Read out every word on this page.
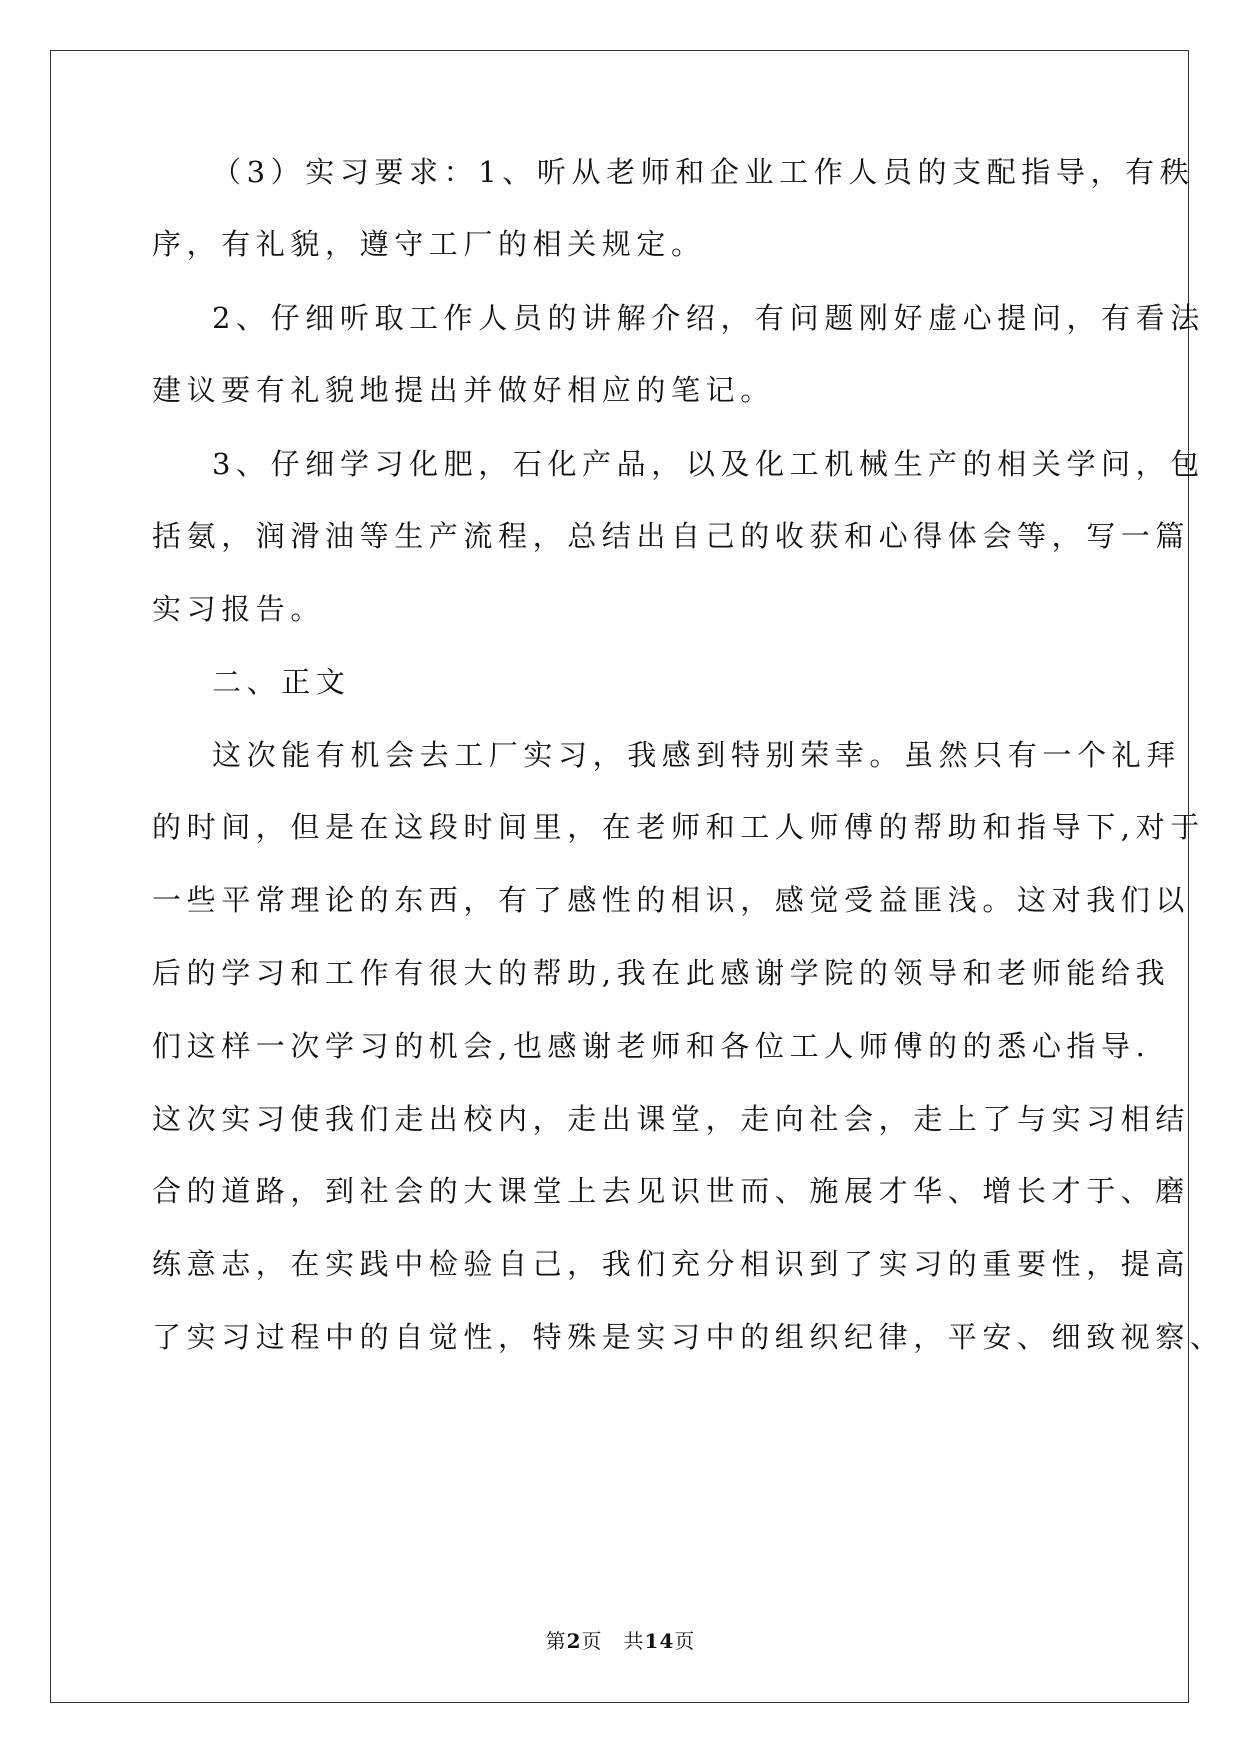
（3）实习要求：1、听从老师和企业工作人员的支配指导，有秩
序，有礼貌，遵守工厂的相关规定。
2、仔细听取工作人员的讲解介绍，有问题刚好虚心提问，有看法
建议要有礼貌地提出并做好相应的笔记。
3、仔细学习化肥，石化产品，以及化工机械生产的相关学问，包
括氨，润滑油等生产流程，总结出自己的收获和心得体会等，写一篇
实习报告。
二、正文
这次能有机会去工厂实习，我感到特别荣幸。虽然只有一个礼拜
的时间，但是在这段时间里，在老师和工人师傅的帮助和指导下,对于
一些平常理论的东西，有了感性的相识，感觉受益匪浅。这对我们以
后的学习和工作有很大的帮助,我在此感谢学院的领导和老师能给我
们这样一次学习的机会,也感谢老师和各位工人师傅的的悉心指导.
这次实习使我们走出校内，走出课堂，走向社会，走上了与实习相结
合的道路，到社会的大课堂上去见识世而、施展才华、增长才于、磨
练意志，在实践中检验自己，我们充分相识到了实习的重要性，提高
了实习过程中的自觉性，特殊是实习中的组织纪律，平安、细致视察、
第2页　共14页
